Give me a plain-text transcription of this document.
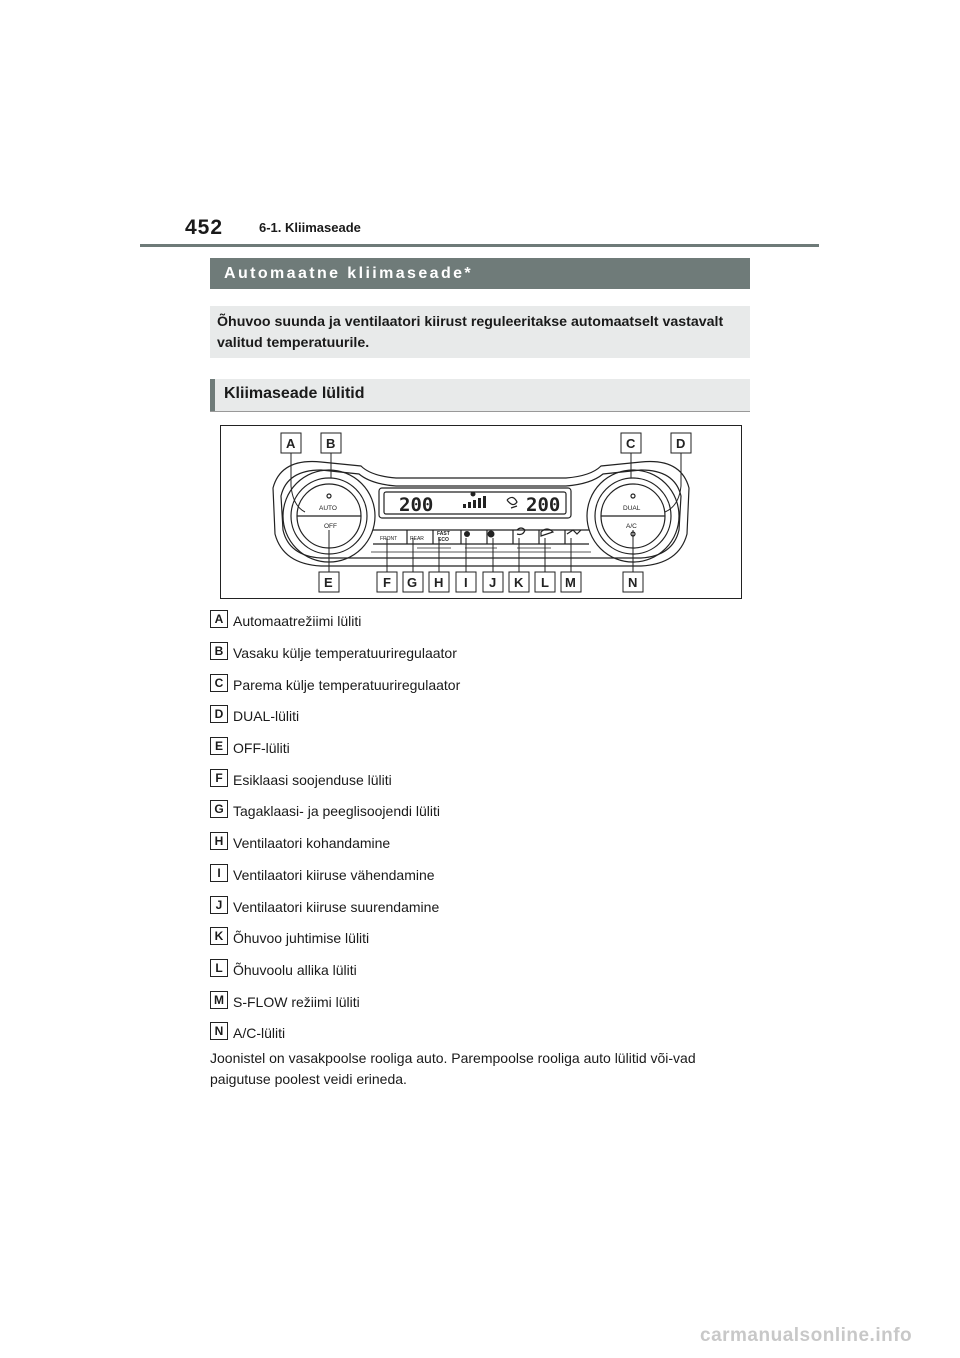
452	6-1. Kliimaseade
Automaatne kliimaseade*

Õhuvoo suunda ja ventilaatori kiirust reguleeritakse automaatselt vastavalt valitud temperatuurile.

Kliimaseade lülitid
200	200
AUTO
OFF
DUAL
A/C
FRONT	REAR
FAST
ECO
A B	C	D
E	F G H I J K L M	N
A Automaatrežiimi lüliti
B Vasaku külje temperatuuriregulaator
C Parema külje temperatuuriregulaator
D DUAL-lüliti
E OFF-lüliti
F Esiklaasi soojenduse lüliti
G Tagaklaasi- ja peeglisoojendi lüliti
H Ventilaatori kohandamine
I Ventilaatori kiiruse vähendamine
J Ventilaatori kiiruse suurendamine
K Õhuvoo juhtimise lüliti
L Õhuvoolu allika lüliti
M S-FLOW režiimi lüliti
N A/C-lüliti
Joonistel on vasakpoolse rooliga auto. Parempoolse rooliga auto lülitid või-vad paigutuse poolest veidi erineda.
carmanualsonline.info
